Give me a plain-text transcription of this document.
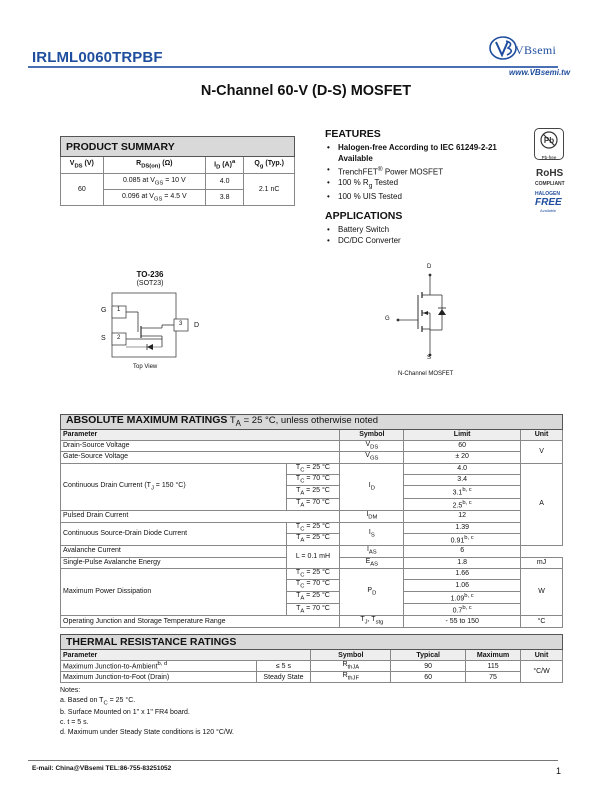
IRLML0060TRPBF	VBsemi
www.VBsemi.tw
N-Channel 60-V (D-S) MOSFET
PRODUCT SUMMARY			
$V_{DS}$ (V)	$R_{DS(on)}$ (Ω)	$I_D$ $(A)^a$	$Q_g$ (Typ.)
60	0.085 at $V_{GS} = 10$ V	4.0	2.1 nC
	0.096 at $V_{GS} = 4.5$ V	3.8	
FEATURES
• Halogen-free According to IEC 61249-2-21
Available
• TrenchFET® Power MOSFET
• 100 % $R_g$ Tested
• 100 % UIS Tested
APPLICATIONS
• Battery Switch
• DC/DC Converter
Pb
Pb-free
RoHS
COMPLIANT
HALOGEN
FREE
Available
TO-236
(SOT23)
G
S
D
1
2
3
Top View
D
G
S
N-Channel MOSFET
ABSOLUTE MAXIMUM RATINGS $T_A = 25$ °C, unless otherwise noted				
Parameter		Symbol	Limit	Unit
Drain-Source Voltage		$V_{DS}$	60	V
Gate-Source Voltage		$V_{GS}$	± 20	
Continuous Drain Current ($T_J = 150$ °C)	$T_C = 25$ °C	$I_D$	4.0	A
	$T_C = 70$ °C		3.4	
	$T_A = 25$ °C		3.1$^{b, c}$
	$T_A = 70$ °C		2.5$^{b, c}$
Pulsed Drain Current		$I_{DM}$	12	
Continuous Source-Drain Diode Current	$T_C = 25$ °C	$I_S$	1.39	
	$T_A = 25$ °C		0.91$^{b, c}$
Avalanche Current	L = 0.1 mH	$I_{AS}$	6	
Single-Pulse Avalanche Energy		$E_{AS}$	1.8	mJ
Maximum Power Dissipation	$T_C = 25$ °C	$P_D$	1.66	W
	$T_C = 70$ °C		1.06	
	$T_A = 25$ °C		1.09$^{b, c}$
	$T_A = 70$ °C		0.7$^{b, c}$
Operating Junction and Storage Temperature Range		$T_J$, $T_{stg}$	- 55 to 150	°C
THERMAL RESISTANCE RATINGS					
Parameter		Symbol	Typical	Maximum	Unit
Maximum Junction-to-Ambient$^{b, d}$	≤ 5 s	$R_{thJA}$	90	115	°C/W
Maximum Junction-to-Foot (Drain)	Steady State	$R_{thJF}$	60	75	
Notes:
a. Based on $T_C = 25$ °C.
b. Surface Mounted on 1" x 1" FR4 board.
c. t = 5 s.
d. Maximum under Steady State conditions is 120 °C/W.
E-mail: China@VBsemi TEL:86-755-83251052	1
